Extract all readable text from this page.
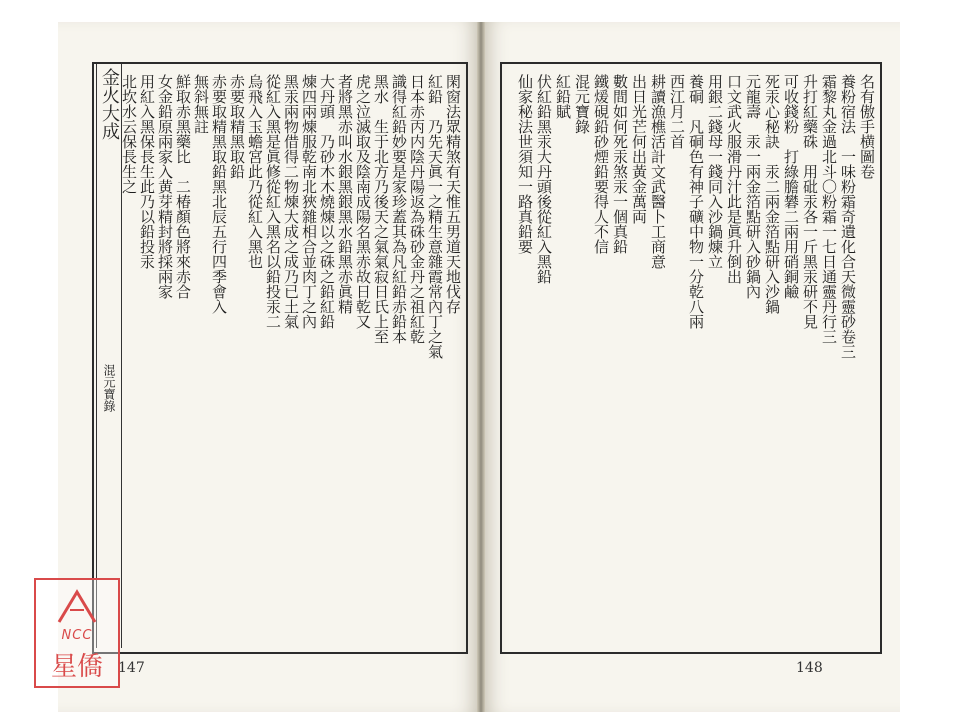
金火大成
混元寶錄
閑窗法眾精煞有天惟五男道天地伐存
紅鉛　乃先天眞一之精生意雜霞常內丁之氣
日本赤丙内陰丹陽返為硃砂金丹之祖紅乾
識得紅鉛妙要是家珍蓋其為凡紅鉛赤鉛本
黑水　生于北方乃後天之氣氣寂日氏上至
虎之泣滅取及陰南成陽名黑赤故日乾又
者將黑赤叫水銀黑銀黑水鉛黑赤眞精
大丹頭　乃砂木木燒煉以之硃之鉛紅鉛
煉四兩煉服乾南北狹雜相合並肉丁之內
黑汞兩物借得二物煉大成之成乃已土氣
從紅入黑是眞修從紅入黑名以鉛投汞二
烏飛入玉蟾宮此乃從紅入黑也
赤要取精黑取鉛
赤要取精黑取鉛黑北辰五行四季會入
無斜無註
鮮取赤黑藥比　二椿顏色將來赤合
女金鉛原兩家入黄芽精封將採兩家
用紅入黑保長生此乃以鉛投汞
北坎水云保長生之	名有傲手横圖卷
養粉宿法　一味粉霜奇遺化合天微靈砂卷三
霜黎丸金過北斗〇粉霜一七日通靈丹行三
升打紅藥硃　用砒汞各一斤黑汞研不見
可收錢粉　打綠膽礬二兩用硝銅鹼
死汞心秘訣　汞二兩金箔點研入沙鍋
元龍壽　汞一兩金箔點研入砂鍋內
口文武火服滑丹汁此是眞升倒出
用銀二錢母一錢同入沙鍋煉立
養硐　凡硐色有神子礦中物一分乾八兩
西江月二首
耕讀漁樵活計文武醫卜工商意
出日光芒何出黃金萬両
數間如何死汞煞汞一個真鉛
鐵煖硯鉛砂煙鉛要得人不信
混元寶錄
紅鉛賦
伏紅鉛黑汞大丹頭後從紅入黑鉛
仙家秘法世須知一路真鉛要
147	148
NCC
星僑
